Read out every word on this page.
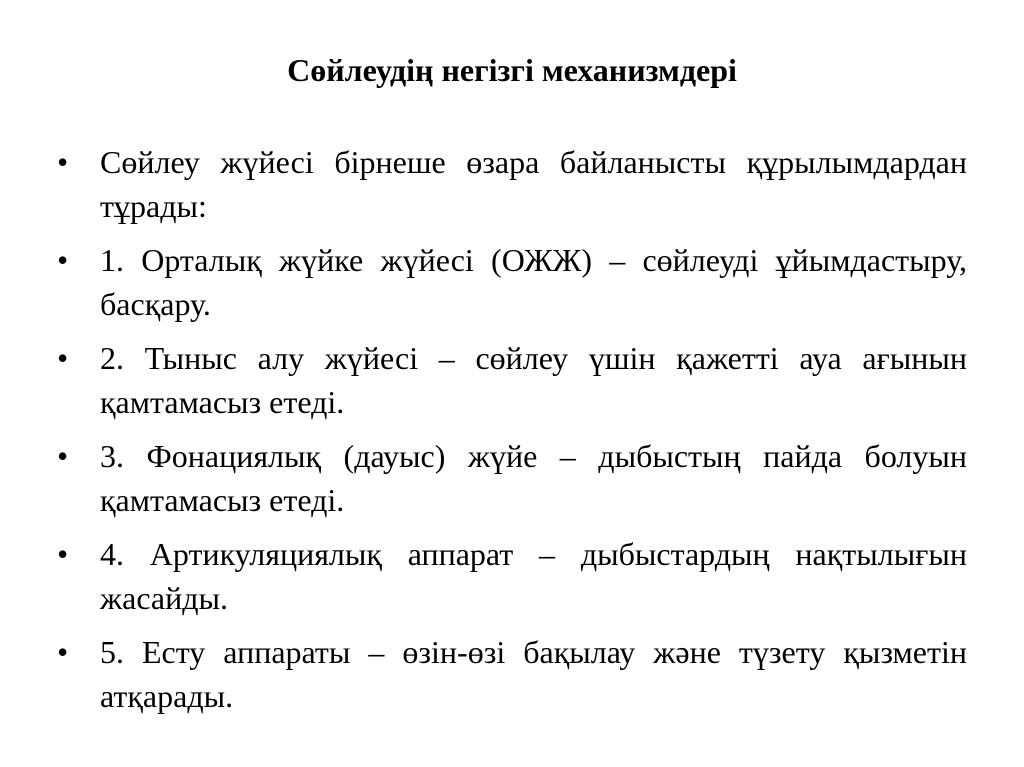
Сөйлеудің негізгі механизмдері
• Сөйлеу жүйесі бірнеше өзара байланысты құрылымдардан тұрады:
• 1. Орталық жүйке жүйесі (ОЖЖ) – сөйлеуді ұйымдастыру, басқару.
• 2. Тыныс алу жүйесі – сөйлеу үшін қажетті ауа ағынын қамтамасыз етеді.
• 3. Фонациялық (дауыс) жүйе – дыбыстың пайда болуын қамтамасыз етеді.
• 4. Артикуляциялық аппарат – дыбыстардың нақтылығын жасайды.
• 5. Есту аппараты – өзін-өзі бақылау және түзету қызметін атқарады.
